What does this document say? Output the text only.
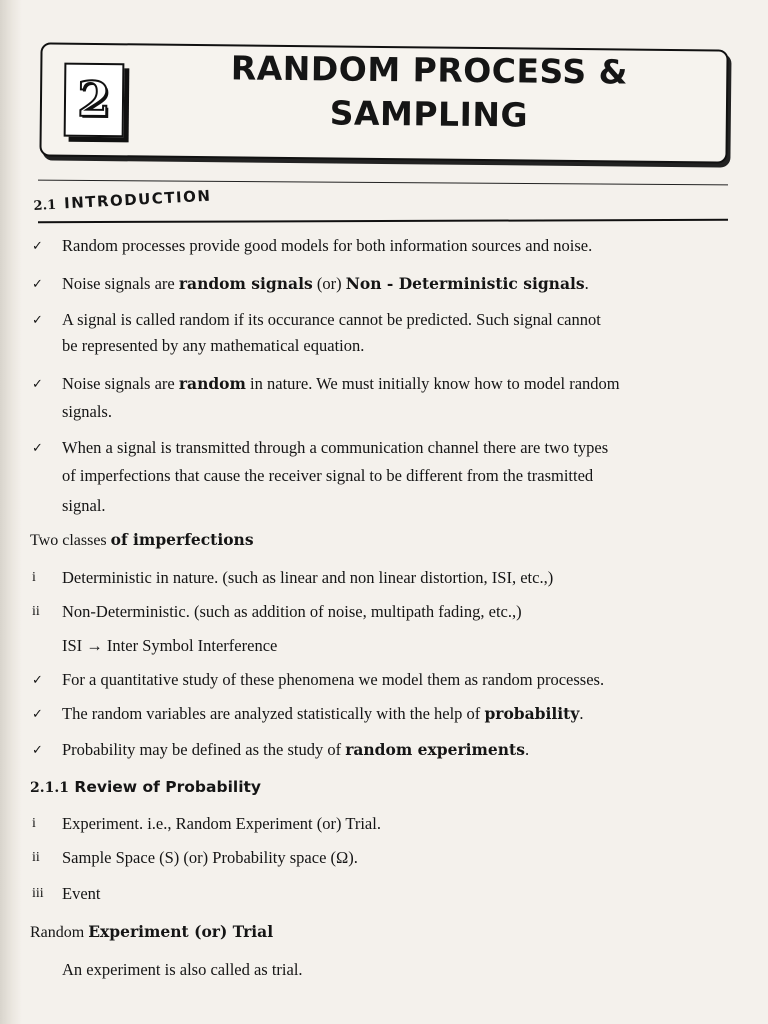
2
RANDOM PROCESS &
SAMPLING
2.1 INTRODUCTION
✓ Random processes provide good models for both information sources and noise.
✓ Noise signals are random signals (or) Non - Deterministic signals.
✓ A signal is called random if its occurance cannot be predicted. Such signal cannot
be represented by any mathematical equation.
✓ Noise signals are random in nature. We must initially know how to model random
signals.
✓ When a signal is transmitted through a communication channel there are two types
of imperfections that cause the receiver signal to be different from the trasmitted
signal.
Two classes of imperfections
i Deterministic in nature. (such as linear and non linear distortion, ISI, etc.,)
ii Non-Deterministic. (such as addition of noise, multipath fading, etc.,)
ISI → Inter Symbol Interference
✓ For a quantitative study of these phenomena we model them as random processes.
✓ The random variables are analyzed statistically with the help of probability.
✓ Probability may be defined as the study of random experiments.
2.1.1 Review of Probability
i Experiment. i.e., Random Experiment (or) Trial.
ii Sample Space (S) (or) Probability space (Ω).
iii Event
Random Experiment (or) Trial
An experiment is also called as trial.
